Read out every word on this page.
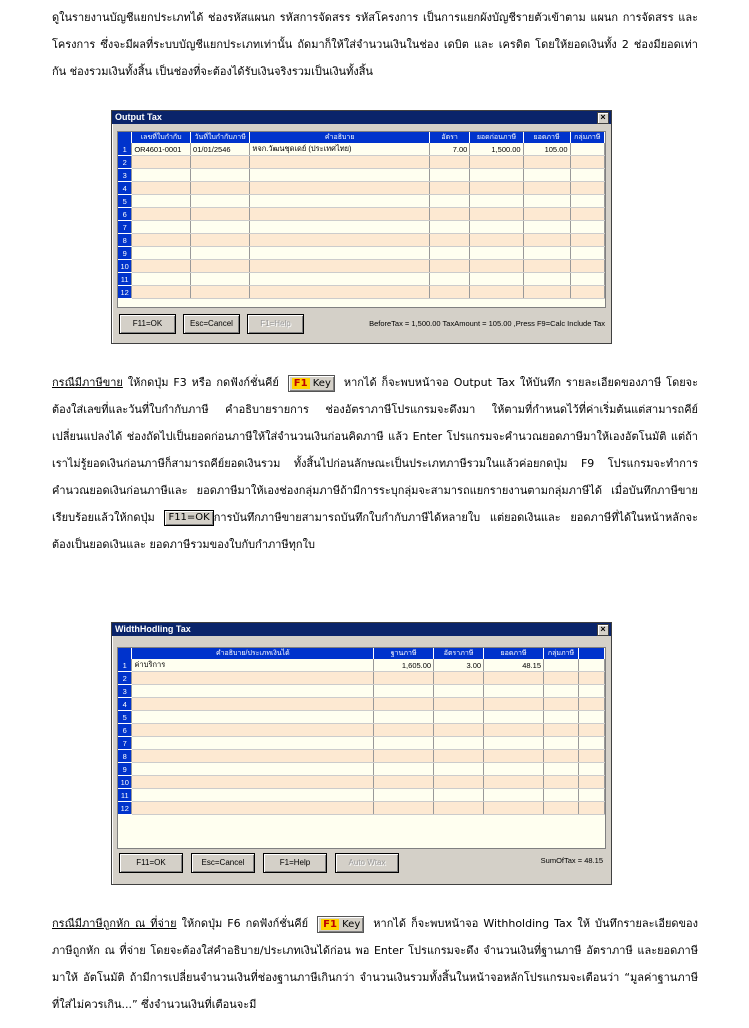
ดูในรายงานบัญชีแยกประเภทได้ ช่องรหัสแผนก รหัสการจัดสรร รหัสโครงการ เป็นการแยกผังบัญชีรายตัวเข้าตาม แผนก การจัดสรร และโครงการ ซึ่งจะมีผลที่ระบบบัญชีแยกประเภทเท่านั้น ถัดมาก็ให้ใส่จำนวนเงินในช่อง เดบิต และ เครดิต โดยให้ยอดเงินทั้ง 2 ช่องมียอดเท่ากัน ช่องรวมเงินทั้งสิ้น เป็นช่องที่จะต้องได้รับเงินจริงรวมเป็นเงินทั้งสิ้น
Output Tax	×
	เลขที่ใบกำกับ	วันที่ใบกำกับภาษี	คำอธิบาย	อัตรา	ยอดก่อนภาษี	ยอดภาษี	กลุ่มภาษี
1	OR4601-0001	01/01/2546	หจก.วัฒนชุดเดย์ (ประเทศไทย)	7.00	1,500.00	105.00	
2							
3							
4							
5							
6							
7							
8							
9							
10							
11							
12							
F11=OK	Esc=Cancel	F1=Help	BeforeTax = 1,500.00 TaxAmount = 105.00 ,Press F9=Calc Include Tax
กรณีมีภาษีขาย ให้กดปุ่ม F3 หรือ กดฟังก์ชั่นคีย์ F1 Key หากได้ ก็จะพบหน้าจอ Output Tax ให้บันทึก รายละเอียดของภาษี โดยจะต้องใส่เลขที่และวันที่ใบกำกับภาษี คำอธิบายรายการ ช่องอัตราภาษีโปรแกรมจะดึงมา ให้ตามที่กำหนดไว้ที่ค่าเริ่มต้นแต่สามารถคีย์เปลี่ยนแปลงได้ ช่องถัดไปเป็นยอดก่อนภาษีให้ใส่จำนวนเงินก่อนคิดภาษี แล้ว Enter โปรแกรมจะคำนวณยอดภาษีมาให้เองอัตโนมัติ แต่ถ้าเราไม่รู้ยอดเงินก่อนภาษีก็สามารถคีย์ยอดเงินรวม ทั้งสิ้นไปก่อนลักษณะเป็นประเภทภาษีรวมในแล้วค่อยกดปุ่ม F9 โปรแกรมจะทำการคำนวณยอดเงินก่อนภาษีและ ยอดภาษีมาให้เองช่องกลุ่มภาษีถ้ามีการระบุกลุ่มจะสามารถแยกรายงานตามกลุ่มภาษีได้ เมื่อบันทึกภาษีขาย เรียบร้อยแล้วให้กดปุ่ม F11=OK การบันทึกภาษีขายสามารถบันทึกใบกำกับภาษีได้หลายใบ แต่ยอดเงินและ ยอดภาษีที่ได้ในหน้าหลักจะต้องเป็นยอดเงินและ ยอดภาษีรวมของใบกับกำภาษีทุกใบ
WidthHodling Tax	×
	คำอธิบาย/ประเภทเงินได้	ฐานภาษี	อัตราภาษี	ยอดภาษี	กลุ่มภาษี	
1	ค่าบริการ	1,605.00	3.00	48.15		
2						
3						
4						
5						
6						
7						
8						
9						
10						
11						
12						
F11=OK	Esc=Cancel	F1=Help	Auto Wtax	SumOfTax = 48.15
กรณีมีภาษีถูกหัก ณ ที่จ่าย ให้กดปุ่ม F6 กดฟังก์ชั่นคีย์ F1 Key หากได้ ก็จะพบหน้าจอ Withholding Tax ให้ บันทึกรายละเอียดของภาษีถูกหัก ณ ที่จ่าย โดยจะต้องใส่คำอธิบาย/ประเภทเงินได้ก่อน พอ Enter โปรแกรมจะดึง จำนวนเงินที่ฐานภาษี อัตราภาษี และยอดภาษีมาให้ อัตโนมัติ ถ้ามีการเปลี่ยนจำนวนเงินที่ช่องฐานภาษีเกินกว่า จำนวนเงินรวมทั้งสิ้นในหน้าจอหลักโปรแกรมจะเตือนว่า “มูลค่าฐานภาษีที่ใส่ไม่ควรเกิน...” ซึ่งจำนวนเงินที่เตือนจะมี
